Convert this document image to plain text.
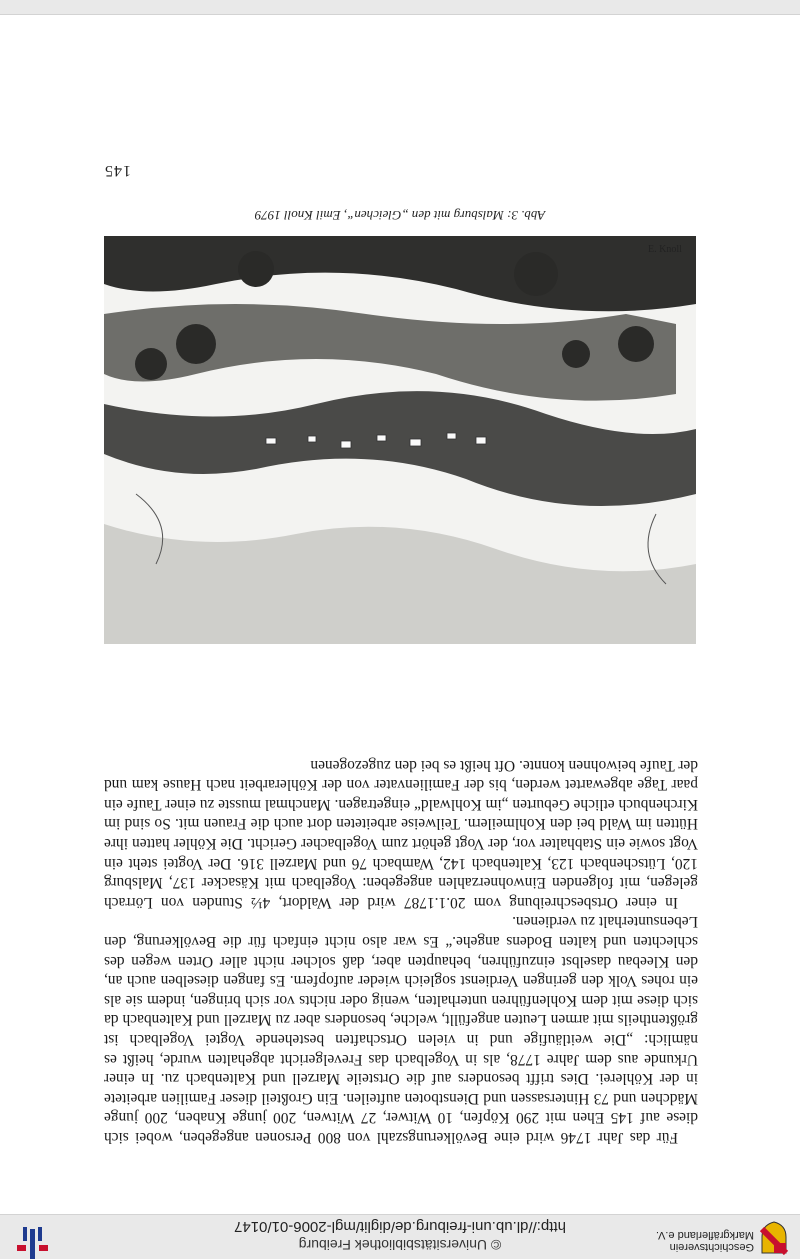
Geschichtsverein
Markgräflerland e.V.
© Universitätsbibliothek Freiburg
http://dl.ub.uni-freiburg.de/diglit/mgl-2006-01/0147

Für das Jahr 1746 wird eine Bevölkerungszahl von 800 Personen angegeben, wobei sich diese auf 145 Ehen mit 290 Köpfen, 10 Witwer, 27 Witwen, 200 junge Knaben, 200 junge Mädchen und 73 Hintersassen und Dienstboten aufteilen. Ein Großteil dieser Familien arbeitete in der Köhlerei. Dies trifft besonders auf die Ortsteile Marzell und Kaltenbach zu. In einer Urkunde aus dem Jahre 1778, als in Vogelbach das Frevelgericht abgehalten wurde, heißt es nämlich: „Die weitläufige und in vielen Ortschaften bestehende Vogtei Vogelbach ist größtentheils mit armen Leuten angefüllt, welche, besonders aber zu Marzell und Kaltenbach da sich diese mit dem Kohlenführen unterhalten, wenig oder nichts vor sich bringen, indem sie als ein rohes Volk den geringen Verdienst sogleich wieder aufopfern. Es fangen dieselben auch an, den Kleebau daselbst einzuführen, behaupten aber, daß solcher nicht aller Orten wegen des schlechten und kalten Bodens angehe.“ Es war also nicht einfach für die Bevölkerung, den Lebensunterhalt zu verdienen.

In einer Ortsbeschreibung vom 20.1.1787 wird der Waldort, 4½ Stunden von Lörrach gelegen, mit folgenden Einwohnerzahlen angegeben: Vogelbach mit Käsacker 137, Malsburg 120, Lütschenbach 123, Kaltenbach 142, Wambach 76 und Marzell 316. Der Vogtei steht ein Vogt sowie ein Stabhalter vor, der Vogt gehört zum Vogelbacher Gericht. Die Köhler hatten ihre Hütten im Wald bei den Kohlmeilern. Teilweise arbeiteten dort auch die Frauen mit. So sind im Kirchenbuch etliche Geburten „im Kohlwald“ eingetragen. Manchmal musste zu einer Taufe ein paar Tage abgewartet werden, bis der Familienvater von der Köhlerarbeit nach Hause kam und der Taufe beiwohnen konnte. Oft heißt es bei den zugezogenen

E. Knoll
Abb. 3: Malsburg mit den „Gleichen“, Emil Knoll 1979
145
